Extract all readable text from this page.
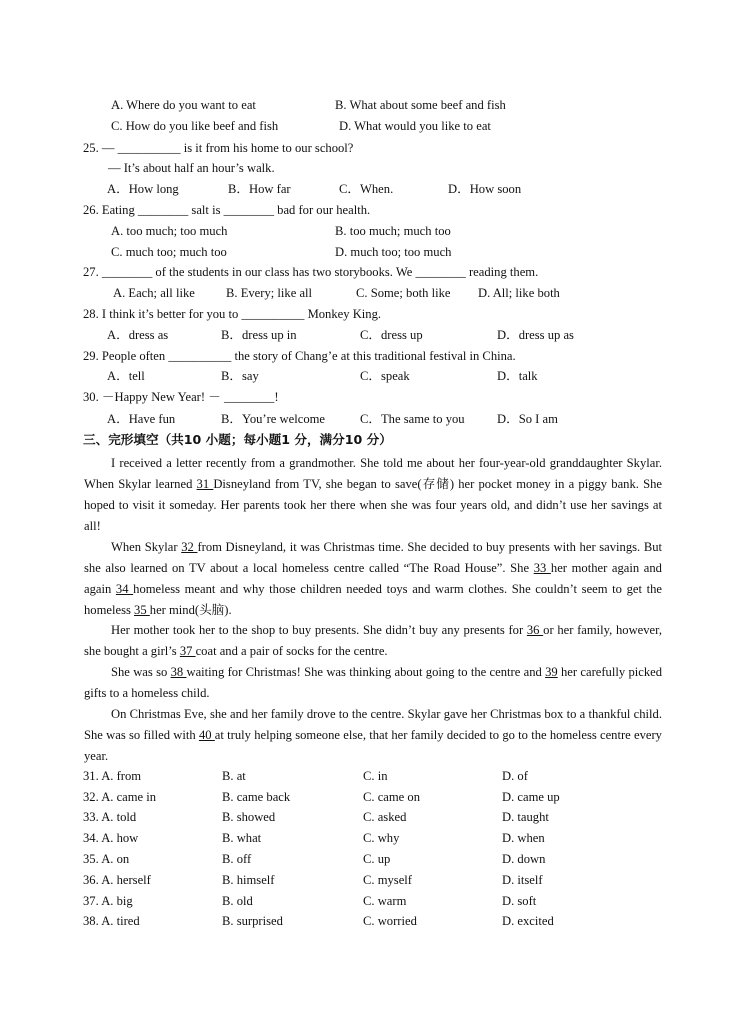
A. Where do you want to eat	B. What about some beef and fish
C. How do you like beef and fish	D. What would you like to eat
25. — __________ is it from his home to our school?
— It’s about half an hour’s walk.
A．How long	B．How far	C．When.	D．How soon
26. Eating ________ salt is ________ bad for our health.
A. too much; too much	B. too much; much too
C. much too; much too	D. much too; too much
27. ________ of the students in our class has two storybooks. We ________ reading them.
A. Each; all like B. Every; like all	C. Some; both like D. All; like both
28. I think it’s better for you to __________ Monkey King.
A．dress as	B．dress up in	C．dress up	D．dress up as
29. People often __________ the story of Chang’e at this traditional festival in China.
A．tell	B．say	C．speak	D．talk
30. －Happy New Year! － ________!
A．Have fun	B．You’re welcome	C．The same to you	D．So I am
三、完形填空（共10 小题；每小题1 分，满分10 分）
I received a letter recently from a grandmother. She told me about her four-year-old granddaughter Skylar. When Skylar learned 31 Disneyland from TV, she began to save(存储) her pocket money in a piggy bank. She hoped to visit it someday. Her parents took her there when she was four years old, and didn’t use her savings at all!
When Skylar 32 from Disneyland, it was Christmas time. She decided to buy presents with her savings. But she also learned on TV about a local homeless centre called “The Road House”. She 33 her mother again and again 34 homeless meant and why those children needed toys and warm clothes. She couldn’t seem to get the homeless 35 her mind(头脑).
Her mother took her to the shop to buy presents. She didn’t buy any presents for 36 or her family, however, she bought a girl’s 37 coat and a pair of socks for the centre.
She was so 38 waiting for Christmas! She was thinking about going to the centre and 39 her carefully picked gifts to a homeless child.
On Christmas Eve, she and her family drove to the centre. Skylar gave her Christmas box to a thankful child. She was so filled with 40 at truly helping someone else, that her family decided to go to the homeless centre every year.
31. A. from	B. at	C. in	D. of
32. A. came in	B. came back	C. came on	D. came up
33. A. told	B. showed	C. asked	D. taught
34. A. how	B. what	C. why	D. when
35. A. on	B. off	C. up	D. down
36. A. herself	B. himself	C. myself	D. itself
37. A. big	B. old	C. warm	D. soft
38. A. tired	B. surprised	C. worried	D. excited
